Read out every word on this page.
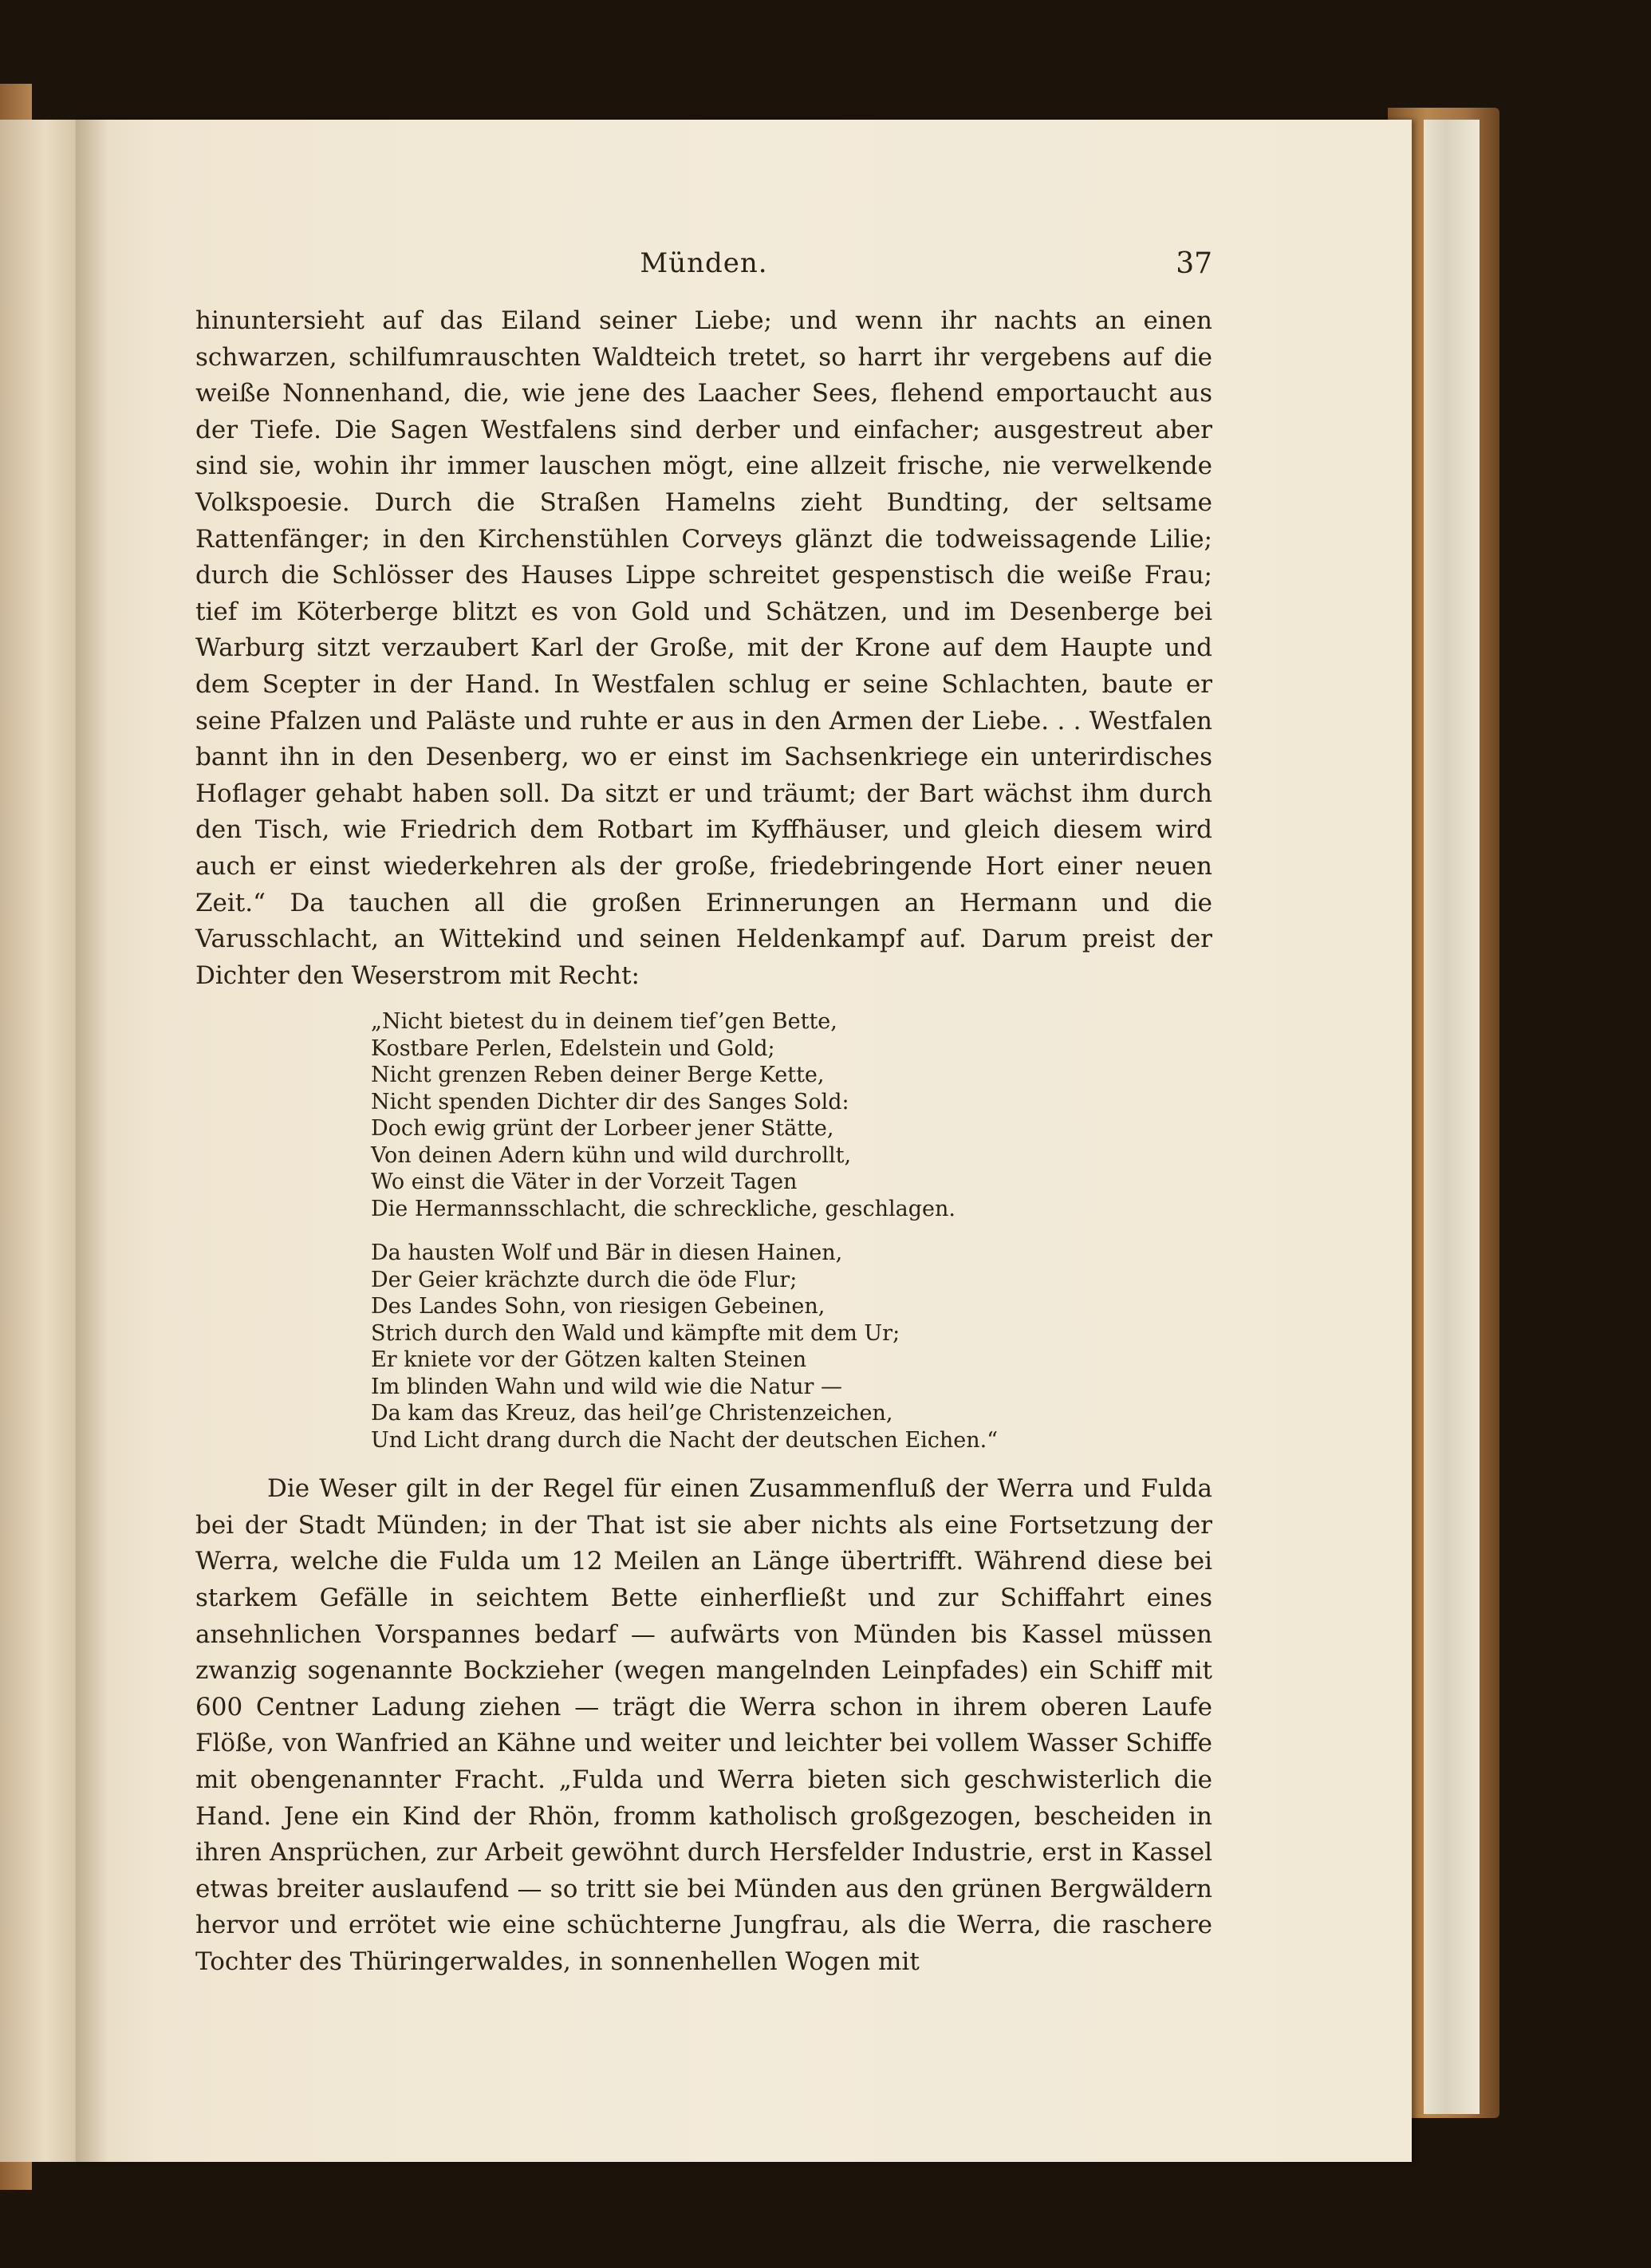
Münden.	37

hinuntersieht auf das Eiland seiner Liebe; und wenn ihr nachts an einen schwarzen, schilfumrauschten Waldteich tretet, so harrt ihr vergebens auf die weiße Nonnenhand, die, wie jene des Laacher Sees, flehend emportaucht aus der Tiefe. Die Sagen Westfalens sind derber und einfacher; ausgestreut aber sind sie, wohin ihr immer lauschen mögt, eine allzeit frische, nie verwelkende Volkspoesie. Durch die Straßen Hamelns zieht Bundting, der seltsame Rattenfänger; in den Kirchenstühlen Corveys glänzt die todweissagende Lilie; durch die Schlösser des Hauses Lippe schreitet gespenstisch die weiße Frau; tief im Köterberge blitzt es von Gold und Schätzen, und im Desenberge bei Warburg sitzt verzaubert Karl der Große, mit der Krone auf dem Haupte und dem Scepter in der Hand. In Westfalen schlug er seine Schlachten, baute er seine Pfalzen und Paläste und ruhte er aus in den Armen der Liebe. . . Westfalen bannt ihn in den Desenberg, wo er einst im Sachsenkriege ein unterirdisches Hoflager gehabt haben soll. Da sitzt er und träumt; der Bart wächst ihm durch den Tisch, wie Friedrich dem Rotbart im Kyffhäuser, und gleich diesem wird auch er einst wiederkehren als der große, friedebringende Hort einer neuen Zeit.“ Da tauchen all die großen Erinnerungen an Hermann und die Varusschlacht, an Wittekind und seinen Heldenkampf auf. Darum preist der Dichter den Weserstrom mit Recht:

„Nicht bietest du in deinem tief’gen Bette,
Kostbare Perlen, Edelstein und Gold;
Nicht grenzen Reben deiner Berge Kette,
Nicht spenden Dichter dir des Sanges Sold:
Doch ewig grünt der Lorbeer jener Stätte,
Von deinen Adern kühn und wild durchrollt,
Wo einst die Väter in der Vorzeit Tagen
Die Hermannsschlacht, die schreckliche, geschlagen.
Da hausten Wolf und Bär in diesen Hainen,
Der Geier krächzte durch die öde Flur;
Des Landes Sohn, von riesigen Gebeinen,
Strich durch den Wald und kämpfte mit dem Ur;
Er kniete vor der Götzen kalten Steinen
Im blinden Wahn und wild wie die Natur —
Da kam das Kreuz, das heil’ge Christenzeichen,
Und Licht drang durch die Nacht der deutschen Eichen.“

Die Weser gilt in der Regel für einen Zusammenfluß der Werra und Fulda bei der Stadt Münden; in der That ist sie aber nichts als eine Fortsetzung der Werra, welche die Fulda um 12 Meilen an Länge übertrifft. Während diese bei starkem Gefälle in seichtem Bette einherfließt und zur Schiffahrt eines ansehnlichen Vorspannes bedarf — aufwärts von Münden bis Kassel müssen zwanzig sogenannte Bockzieher (wegen mangelnden Leinpfades) ein Schiff mit 600 Centner Ladung ziehen — trägt die Werra schon in ihrem oberen Laufe Flöße, von Wanfried an Kähne und weiter und leichter bei vollem Wasser Schiffe mit obengenannter Fracht. „Fulda und Werra bieten sich geschwisterlich die Hand. Jene ein Kind der Rhön, fromm katholisch großgezogen, bescheiden in ihren Ansprüchen, zur Arbeit gewöhnt durch Hersfelder Industrie, erst in Kassel etwas breiter auslaufend — so tritt sie bei Münden aus den grünen Bergwäldern hervor und errötet wie eine schüchterne Jungfrau, als die Werra, die raschere Tochter des Thüringerwaldes, in sonnenhellen Wogen mit
